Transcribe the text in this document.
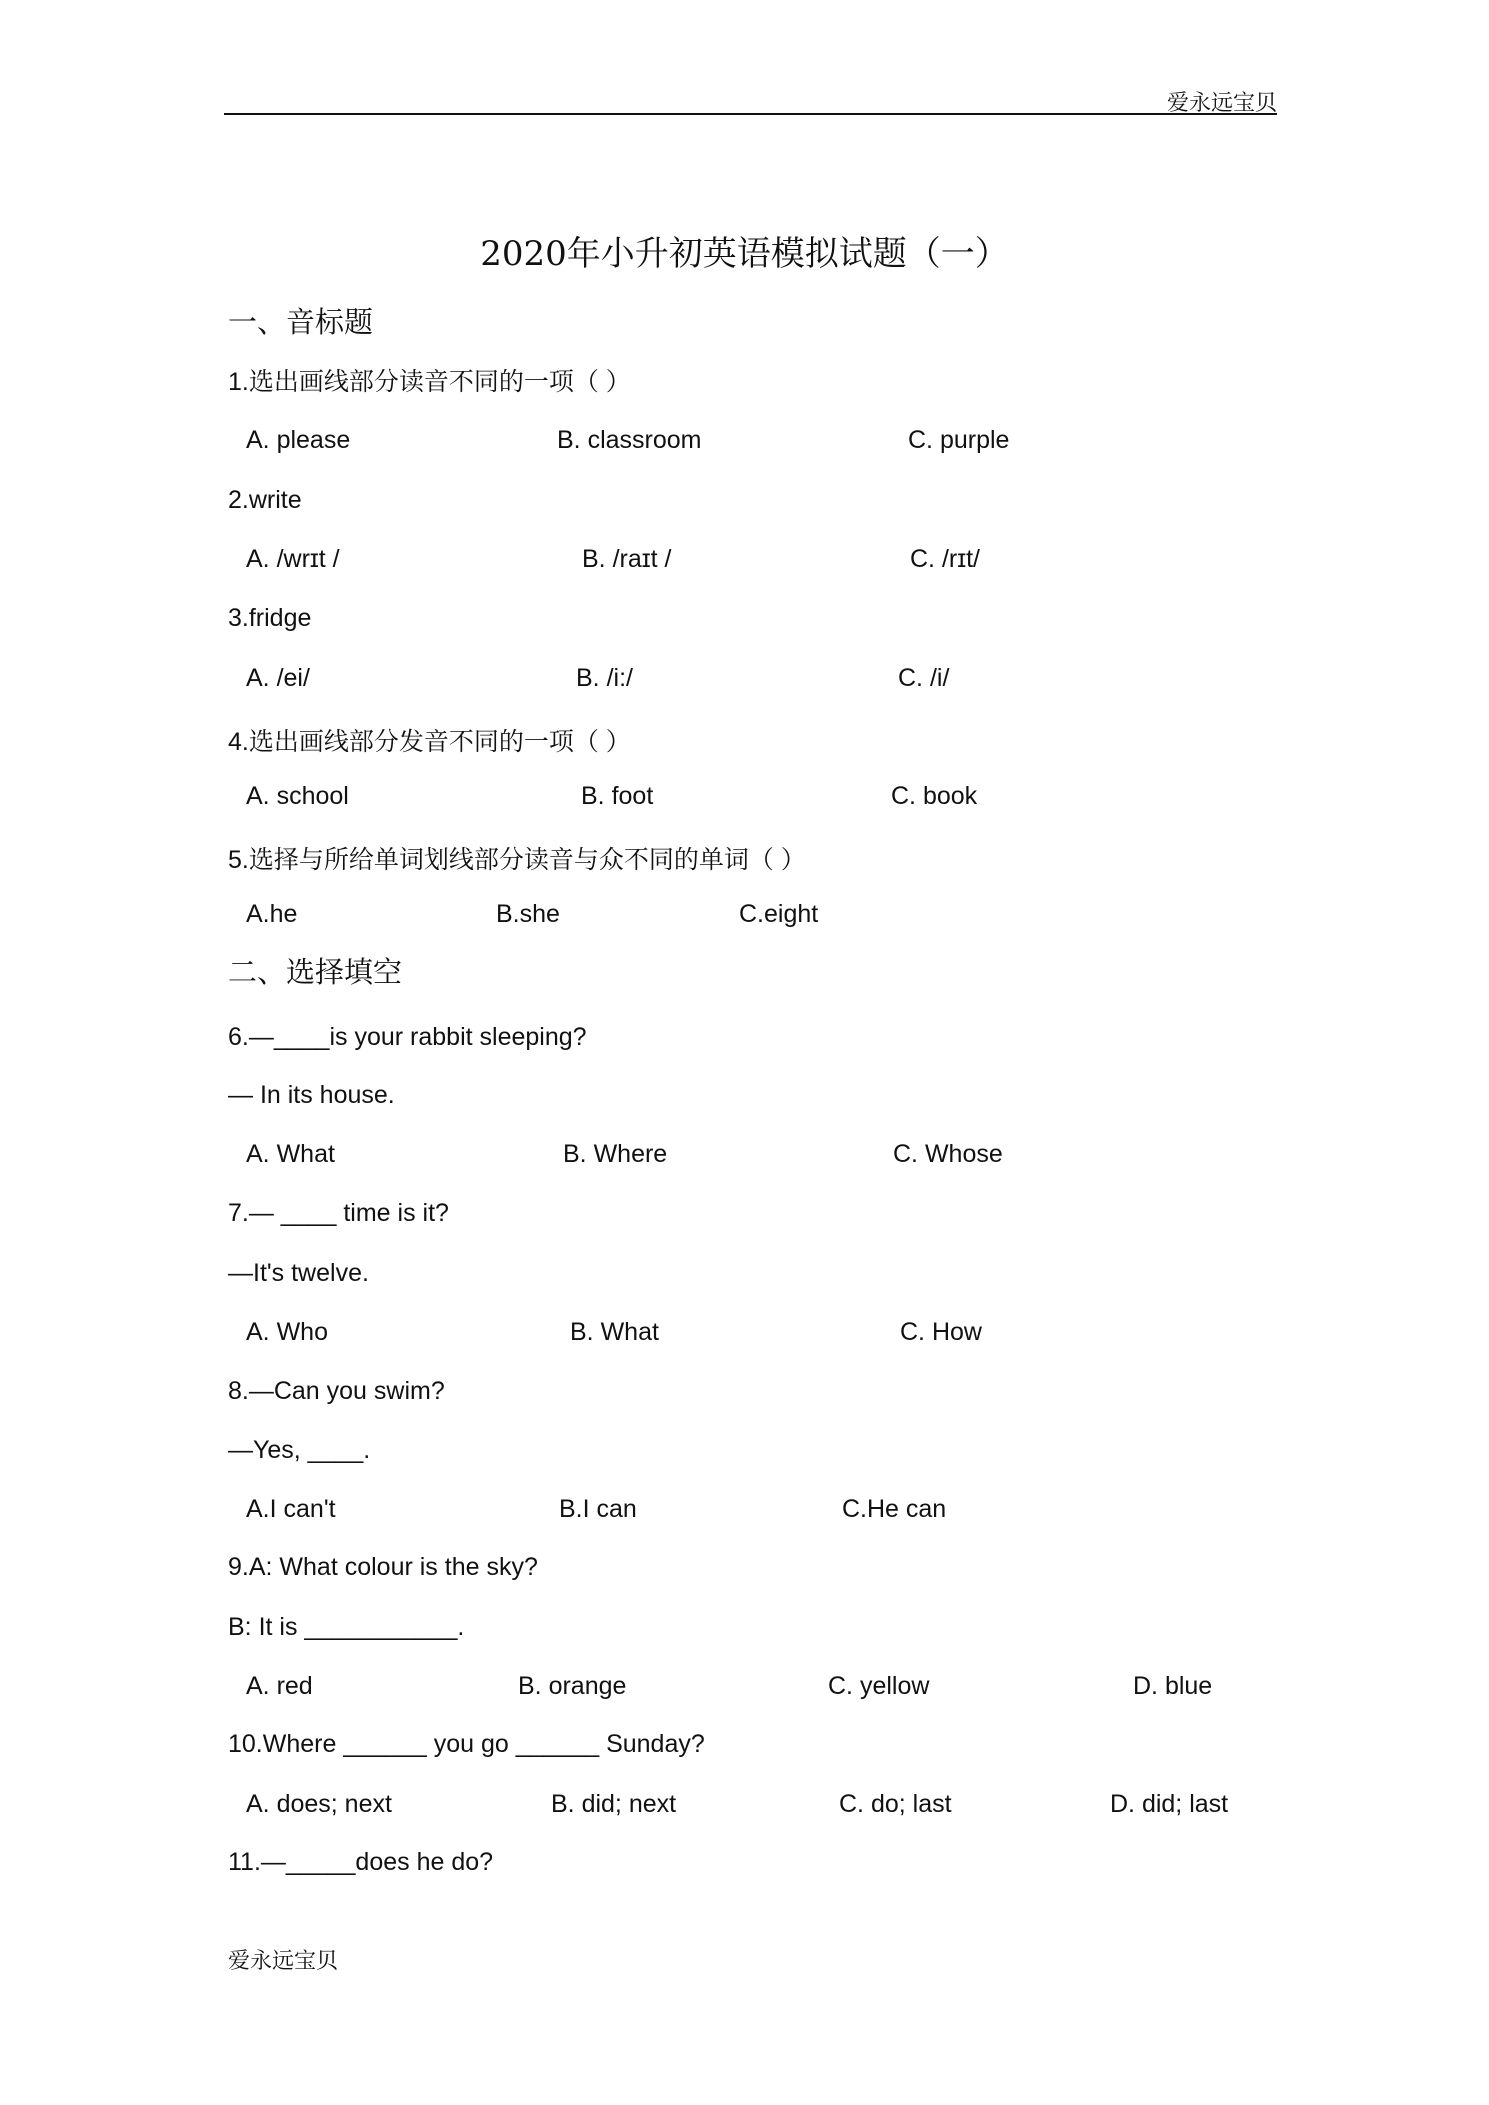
爱永远宝贝
2020年小升初英语模拟试题（一）
一、音标题
1.选出画线部分读音不同的一项（ ）
A. please	B. classroom	C. purple
2.write
A. /wrɪt /	B. /raɪt /	C. /rɪt/
3.fridge
A. /ei/	B. /i:/	C. /i/
4.选出画线部分发音不同的一项（ ）
A. school	B. foot	C. book
5.选择与所给单词划线部分读音与众不同的单词（ ）
A.he	B.she	C.eight
二、选择填空
6.—____is your rabbit sleeping?
— In its house.
A. What	B. Where	C. Whose
7.— ____ time is it?
—It's twelve.
A. Who	B. What	C. How
8.—Can you swim?
—Yes, ____.
A.I can't	B.I can	C.He can
9.A: What colour is the sky?
B: It is ___________.
A. red	B. orange	C. yellow	D. blue
10.Where ______ you go ______ Sunday?
A. does; next	B. did; next	C. do; last	D. did; last
11.—_____does he do?
爱永远宝贝
